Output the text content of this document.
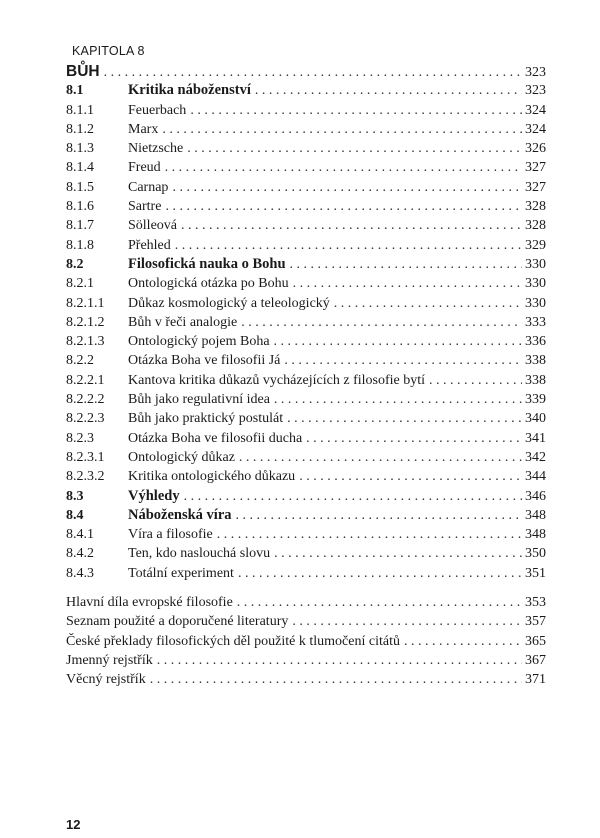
KAPITOLA 8
BŮH . . .	323
8.1	Kritika náboženství . . .	323
8.1.1	Feuerbach . . .	324
8.1.2	Marx . . .	324
8.1.3	Nietzsche . . .	326
8.1.4	Freud . . .	327
8.1.5	Carnap . . .	327
8.1.6	Sartre . . .	328
8.1.7	Sölleová . . .	328
8.1.8	Přehled . . .	329
8.2	Filosofická nauka o Bohu . . .	330
8.2.1	Ontologická otázka po Bohu . . .	330
8.2.1.1	Důkaz kosmologický a teleologický . . .	330
8.2.1.2	Bůh v řeči analogie . . .	333
8.2.1.3	Ontologický pojem Boha . . .	336
8.2.2	Otázka Boha ve filosofii Já . . .	338
8.2.2.1	Kantova kritika důkazů vycházejících z filosofie bytí . . .	338
8.2.2.2	Bůh jako regulativní idea . . .	339
8.2.2.3	Bůh jako praktický postulát . . .	340
8.2.3	Otázka Boha ve filosofii ducha . . .	341
8.2.3.1	Ontologický důkaz . . .	342
8.2.3.2	Kritika ontologického důkazu . . .	344
8.3	Výhledy . . .	346
8.4	Náboženská víra . . .	348
8.4.1	Víra a filosofie . . .	348
8.4.2	Ten, kdo naslouchá slovu . . .	350
8.4.3	Totální experiment . . .	351
Hlavní díla evropské filosofie . . .	353
Seznam použité a doporučené literatury . . .	357
České překlady filosofických děl použité k tlumočení citátů . . .	365
Jmenný rejstřík . . .	367
Věcný rejstřík . . .	371
12
